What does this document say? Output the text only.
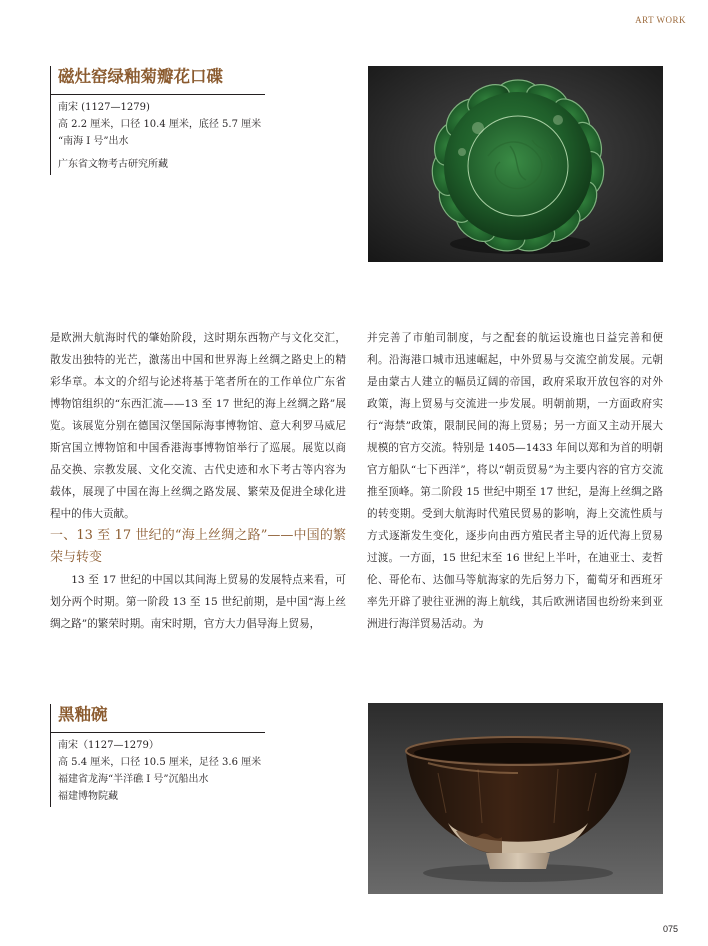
ART WORK
磁灶窑绿釉菊瓣花口碟
南宋 (1127—1279)
高 2.2 厘米，口径 10.4 厘米，底径 5.7 厘米
“南海 I 号”出水
广东省文物考古研究所藏

是欧洲大航海时代的肇始阶段，这时期东西物产与文化交汇，散发出独特的光芒，激荡出中国和世界海上丝绸之路史上的精彩华章。本文的介绍与论述将基于笔者所在的工作单位广东省博物馆组织的“东西汇流——13 至 17 世纪的海上丝绸之路”展览。该展览分别在德国汉堡国际海事博物馆、意大利罗马威尼斯宫国立博物馆和中国香港海事博物馆举行了巡展。展览以商品交换、宗教发展、文化交流、古代史迹和水下考古等内容为载体，展现了中国在海上丝绸之路发展、繁荣及促进全球化进程中的伟大贡献。

一、13 至 17 世纪的“海上丝绸之路”——中国的繁荣与转变

13 至 17 世纪的中国以其间海上贸易的发展特点来看，可划分两个时期。第一阶段 13 至 15 世纪前期，是中国“海上丝绸之路”的繁荣时期。南宋时期，官方大力倡导海上贸易，

并完善了市舶司制度，与之配套的航运设施也日益完善和便利。沿海港口城市迅速崛起，中外贸易与交流空前发展。元朝是由蒙古人建立的幅员辽阔的帝国，政府采取开放包容的对外政策，海上贸易与交流进一步发展。明朝前期，一方面政府实行“海禁”政策，限制民间的海上贸易；另一方面又主动开展大规模的官方交流。特别是 1405—1433 年间以郑和为首的明朝官方船队“七下西洋”，将以“朝贡贸易”为主要内容的官方交流推至顶峰。第二阶段 15 世纪中期至 17 世纪，是海上丝绸之路的转变期。受到大航海时代殖民贸易的影响，海上交流性质与方式逐渐发生变化，逐步向由西方殖民者主导的近代海上贸易过渡。一方面，15 世纪末至 16 世纪上半叶，在迪亚士、麦哲伦、哥伦布、达伽马等航海家的先后努力下，葡萄牙和西班牙率先开辟了驶往亚洲的海上航线，其后欧洲诸国也纷纷来到亚洲进行海洋贸易活动。为

黑釉碗
南宋（1127—1279）
高 5.4 厘米，口径 10.5 厘米，足径 3.6 厘米
福建省龙海“半洋礁 I 号”沉船出水
福建博物院藏
075
